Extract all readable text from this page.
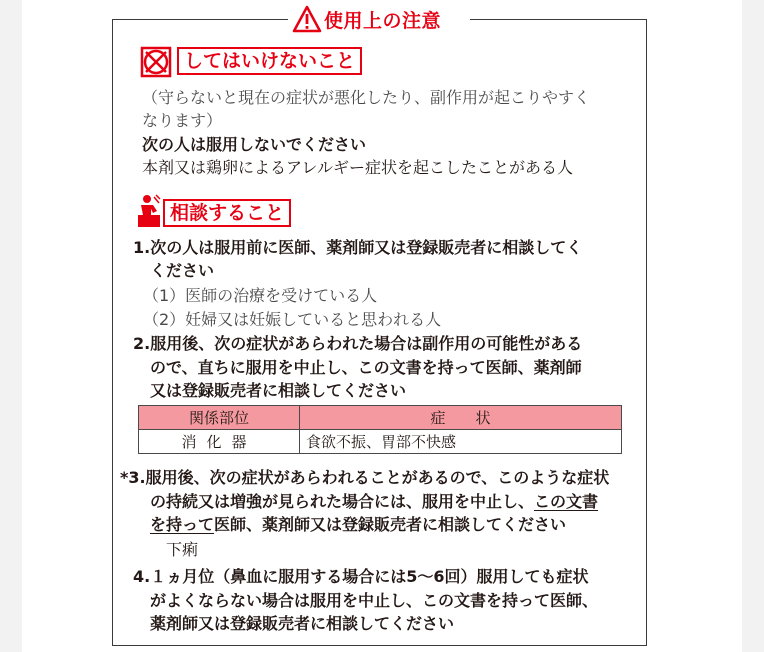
使用上の注意
してはいけないこと
（守らないと現在の症状が悪化したり、副作用が起こりやすく
なります）
次の人は服用しないでください
本剤又は鶏卵によるアレルギー症状を起こしたことがある人
相談すること
1.次の人は服用前に医師、薬剤師又は登録販売者に相談してく
ください
（1）医師の治療を受けている人
（2）妊婦又は妊娠していると思われる人
2.服用後、次の症状があらわれた場合は副作用の可能性がある
ので、直ちに服用を中止し、この文書を持って医師、薬剤師
又は登録販売者に相談してください
関係部位	症　　状
消化器	食欲不振、胃部不快感
*3.服用後、次の症状があらわれることがあるので、このような症状
の持続又は増強が見られた場合には、服用を中止し、この文書
を持って医師、薬剤師又は登録販売者に相談してください
下痢
4.１ヵ月位（鼻血に服用する場合には5～6回）服用しても症状
がよくならない場合は服用を中止し、この文書を持って医師、
薬剤師又は登録販売者に相談してください
